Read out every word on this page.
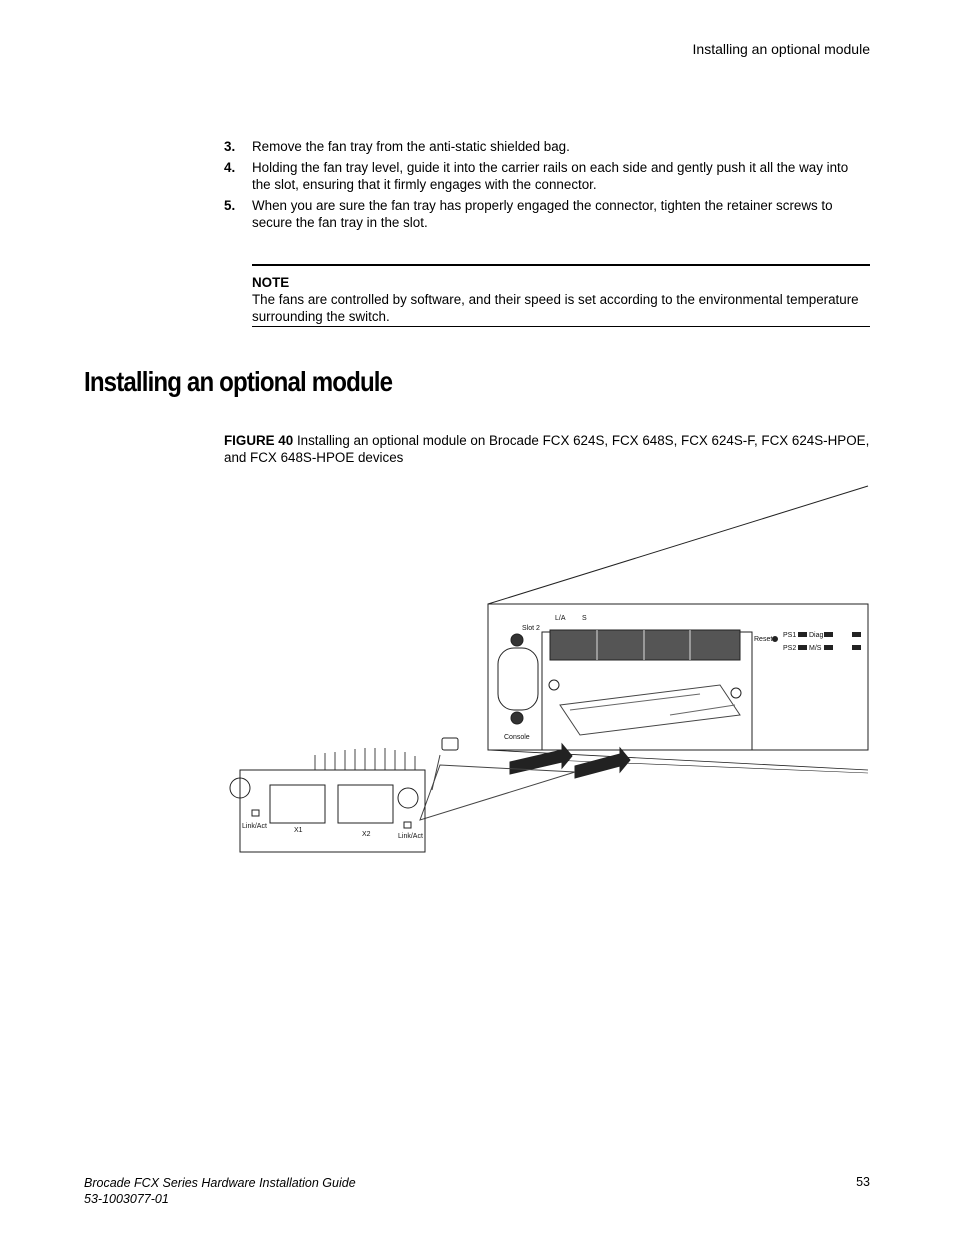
Installing an optional module
3. Remove the fan tray from the anti-static shielded bag.
4. Holding the fan tray level, guide it into the carrier rails on each side and gently push it all the way into the slot, ensuring that it firmly engages with the connector.
5. When you are sure the fan tray has properly engaged the connector, tighten the retainer screws to secure the fan tray in the slot.
NOTE
The fans are controlled by software, and their speed is set according to the environmental temperature surrounding the switch.
Installing an optional module
FIGURE 40 Installing an optional module on Brocade FCX 624S, FCX 648S, FCX 624S-F, FCX 624S-HPOE, and FCX 648S-HPOE devices
Slot 2
Console
Reset
PS1
PS2
Diag
M/S
L/A S
X1
X2
Link/Act
Link/Act
Brocade FCX Series Hardware Installation Guide
53-1003077-01
53
